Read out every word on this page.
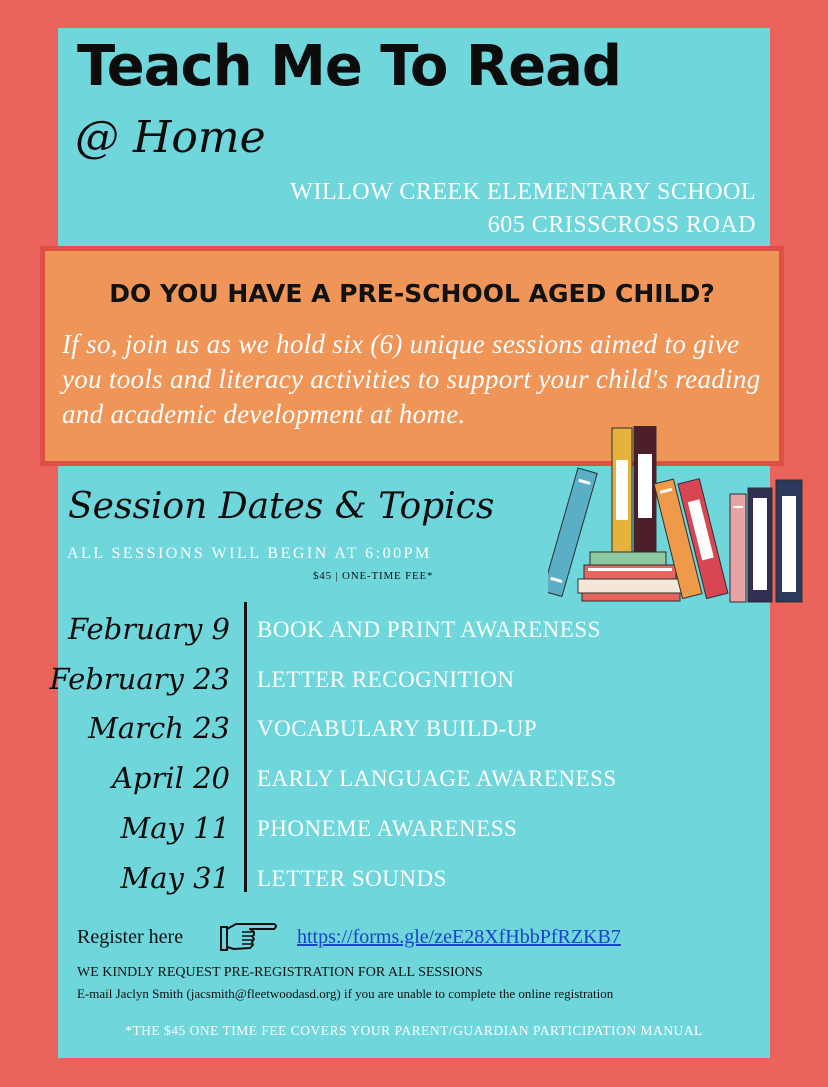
Teach Me To Read
@ Home
WILLOW CREEK ELEMENTARY SCHOOL
605 CRISSCROSS ROAD
DO YOU HAVE A PRE-SCHOOL AGED CHILD?
If so, join us as we hold six (6) unique sessions aimed to give you tools and literacy activities to support your child's reading and academic development at home.
Session Dates & Topics
ALL SESSIONS WILL BEGIN AT 6:00PM
$45 | ONE-TIME FEE*
February 9 BOOK AND PRINT AWARENESS
February 23 LETTER RECOGNITION
March 23 VOCABULARY BUILD-UP
April 20 EARLY LANGUAGE AWARENESS
May 11 PHONEME AWARENESS
May 31 LETTER SOUNDS
Register here	https://forms.gle/zeE28XfHbbPfRZKB7
WE KINDLY REQUEST PRE-REGISTRATION FOR ALL SESSIONS
E-mail Jaclyn Smith (jacsmith@fleetwoodasd.org) if you are unable to complete the online registration
*THE $45 ONE TIME FEE COVERS YOUR PARENT/GUARDIAN PARTICIPATION MANUAL
